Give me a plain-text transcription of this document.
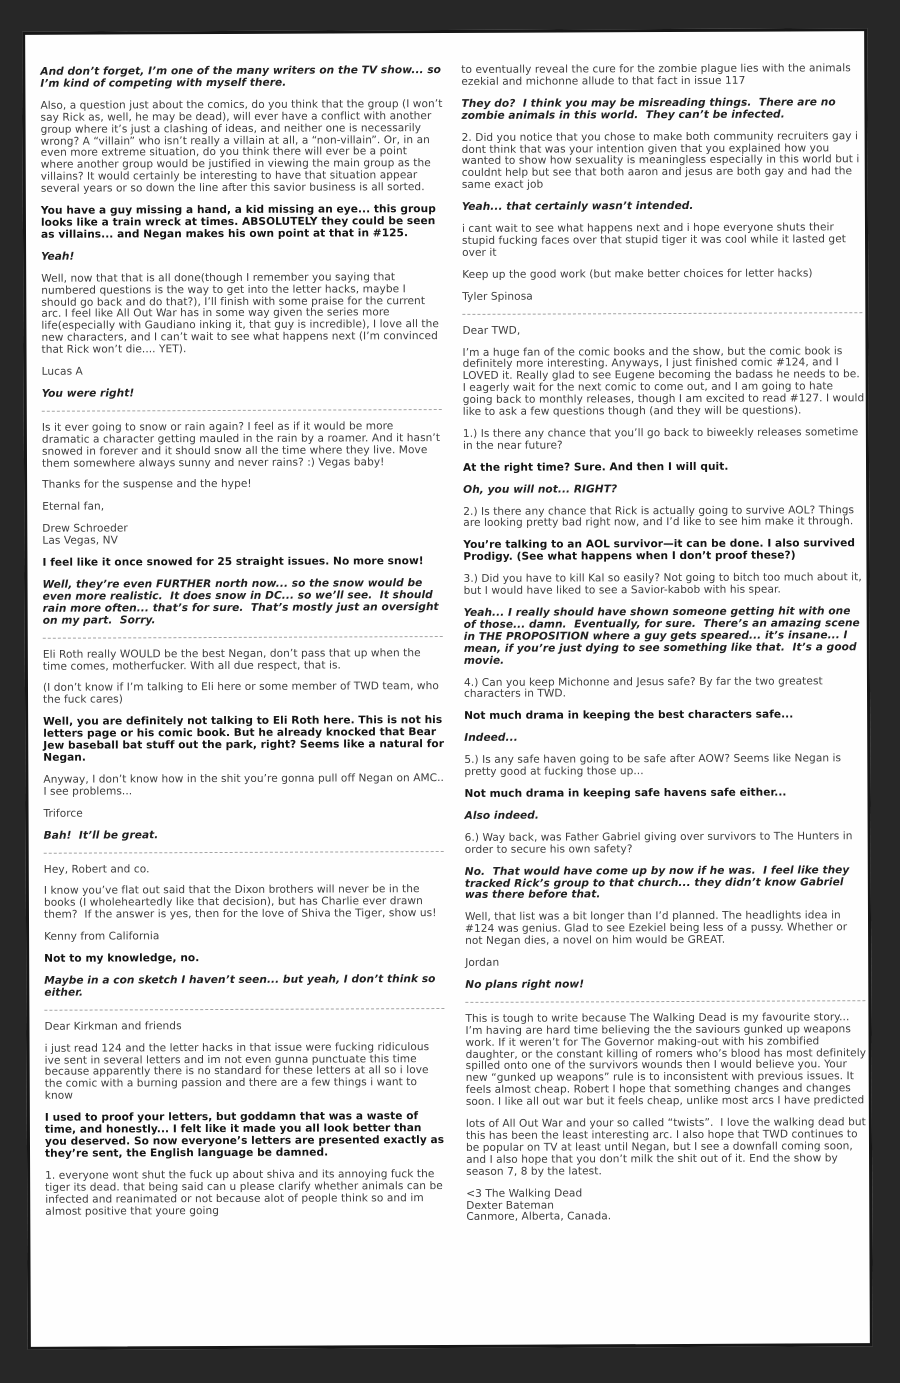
And don’t forget, I’m one of the many writers on the TV show... so I’m kind of competing with myself there.

Also, a question just about the comics, do you think that the group (I won’t say Rick as, well, he may be dead), will ever have a conflict with another group where it’s just a clashing of ideas, and neither one is necessarily wrong? A “villain” who isn’t really a villain at all, a “non-villain”. Or, in an even more extreme situation, do you think there will ever be a point where another group would be justified in viewing the main group as the villains? It would certainly be interesting to have that situation appear several years or so down the line after this savior business is all sorted.

You have a guy missing a hand, a kid missing an eye... this group looks like a train wreck at times. ABSOLUTELY they could be seen as villains... and Negan makes his own point at that in #125.

Yeah!

Well, now that that is all done(though I remember you saying that numbered questions is the way to get into the letter hacks, maybe I should go back and do that?), I’ll finish with some praise for the current arc. I feel like All Out War has in some way given the series more life(especially with Gaudiano inking it, that guy is incredible), I love all the new characters, and I can’t wait to see what happens next (I’m convinced that Rick won’t die.... YET).

Lucas A

You were right!

Is it ever going to snow or rain again? I feel as if it would be more dramatic a character getting mauled in the rain by a roamer. And it hasn’t snowed in forever and it should snow all the time where they live. Move them somewhere always sunny and never rains? :) Vegas baby!

Thanks for the suspense and the hype!

Eternal fan,

Drew Schroeder
Las Vegas, NV

I feel like it once snowed for 25 straight issues. No more snow!

Well, they’re even FURTHER north now... so the snow would be even more realistic.  It does snow in DC... so we’ll see.  It should rain more often... that’s for sure.  That’s mostly just an oversight on my part.  Sorry.

Eli Roth really WOULD be the best Negan, don’t pass that up when the time comes, motherfucker. With all due respect, that is.

(I don’t know if I’m talking to Eli here or some member of TWD team, who the fuck cares)

Well, you are definitely not talking to Eli Roth here. This is not his letters page or his comic book. But he already knocked that Bear Jew baseball bat stuff out the park, right? Seems like a natural for Negan.

Anyway, I don’t know how in the shit you’re gonna pull off Negan on AMC.. I see problems...

Triforce

Bah!  It’ll be great.

Hey, Robert and co.

I know you’ve flat out said that the Dixon brothers will never be in the books (I wholeheartedly like that decision), but has Charlie ever drawn them?  If the answer is yes, then for the love of Shiva the Tiger, show us!

Kenny from California

Not to my knowledge, no.

Maybe in a con sketch I haven’t seen... but yeah, I don’t think so either.

Dear Kirkman and friends

i just read 124 and the letter hacks in that issue were fucking ridiculous ive sent in several letters and im not even gunna punctuate this time because apparently there is no standard for these letters at all so i love the comic with a burning passion and there are a few things i want to know

I used to proof your letters, but goddamn that was a waste of time, and honestly... I felt like it made you all look better than you deserved. So now everyone’s letters are presented exactly as they’re sent, the English language be damned.

1. everyone wont shut the fuck up about shiva and its annoying fuck the tiger its dead. that being said can u please clarify whether animals can be infected and reanimated or not because alot of people think so and im almost positive that youre going

to eventually reveal the cure for the zombie plague lies with the animals ezekial and michonne allude to that fact in issue 117

They do?  I think you may be misreading things.  There are no zombie animals in this world.  They can’t be infected.

2. Did you notice that you chose to make both community recruiters gay i dont think that was your intention given that you explained how you wanted to show how sexuality is meaningless especially in this world but i couldnt help but see that both aaron and jesus are both gay and had the same exact job

Yeah... that certainly wasn’t intended.

i cant wait to see what happens next and i hope everyone shuts their stupid fucking faces over that stupid tiger it was cool while it lasted get over it

Keep up the good work (but make better choices for letter hacks)

Tyler Spinosa

Dear TWD,

I’m a huge fan of the comic books and the show, but the comic book is definitely more interesting. Anyways, I just finished comic #124, and I LOVED it. Really glad to see Eugene becoming the badass he needs to be. I eagerly wait for the next comic to come out, and I am going to hate going back to monthly releases, though I am excited to read #127. I would like to ask a few questions though (and they will be questions).

1.) Is there any chance that you’ll go back to biweekly releases sometime in the near future?

At the right time? Sure. And then I will quit.

Oh, you will not... RIGHT?

2.) Is there any chance that Rick is actually going to survive AOL? Things are looking pretty bad right now, and I’d like to see him make it through.

You’re talking to an AOL survivor—it can be done. I also survived Prodigy. (See what happens when I don’t proof these?)

3.) Did you have to kill Kal so easily? Not going to bitch too much about it, but I would have liked to see a Savior-kabob with his spear.

Yeah... I really should have shown someone getting hit with one of those... damn.  Eventually, for sure.  There’s an amazing scene in THE PROPOSITION where a guy gets speared... it’s insane... I mean, if you’re just dying to see something like that.  It’s a good movie.

4.) Can you keep Michonne and Jesus safe? By far the two greatest characters in TWD.

Not much drama in keeping the best characters safe...

Indeed...

5.) Is any safe haven going to be safe after AOW? Seems like Negan is pretty good at fucking those up...

Not much drama in keeping safe havens safe either...

Also indeed.

6.) Way back, was Father Gabriel giving over survivors to The Hunters in order to secure his own safety?

No.  That would have come up by now if he was.  I feel like they tracked Rick’s group to that church... they didn’t know Gabriel was there before that.

Well, that list was a bit longer than I’d planned. The headlights idea in #124 was genius. Glad to see Ezekiel being less of a pussy. Whether or not Negan dies, a novel on him would be GREAT.

Jordan

No plans right now!

This is tough to write because The Walking Dead is my favourite story... I’m having are hard time believing the the saviours gunked up weapons work. If it weren’t for The Governor making-out with his zombified daughter, or the constant killing of romers who’s blood has most definitely spilled onto one of the survivors wounds then I would believe you. Your new “gunked up weapons” rule is to inconsistent with previous issues. It feels almost cheap. Robert I hope that something changes and changes soon. I like all out war but it feels cheap, unlike most arcs I have predicted

lots of All Out War and your so called “twists”.  I love the walking dead but this has been the least interesting arc. I also hope that TWD continues to be popular on TV at least until Negan, but I see a downfall coming soon, and I also hope that you don’t milk the shit out of it. End the show by season 7, 8 by the latest.

<3 The Walking Dead
Dexter Bateman
Canmore, Alberta, Canada.
